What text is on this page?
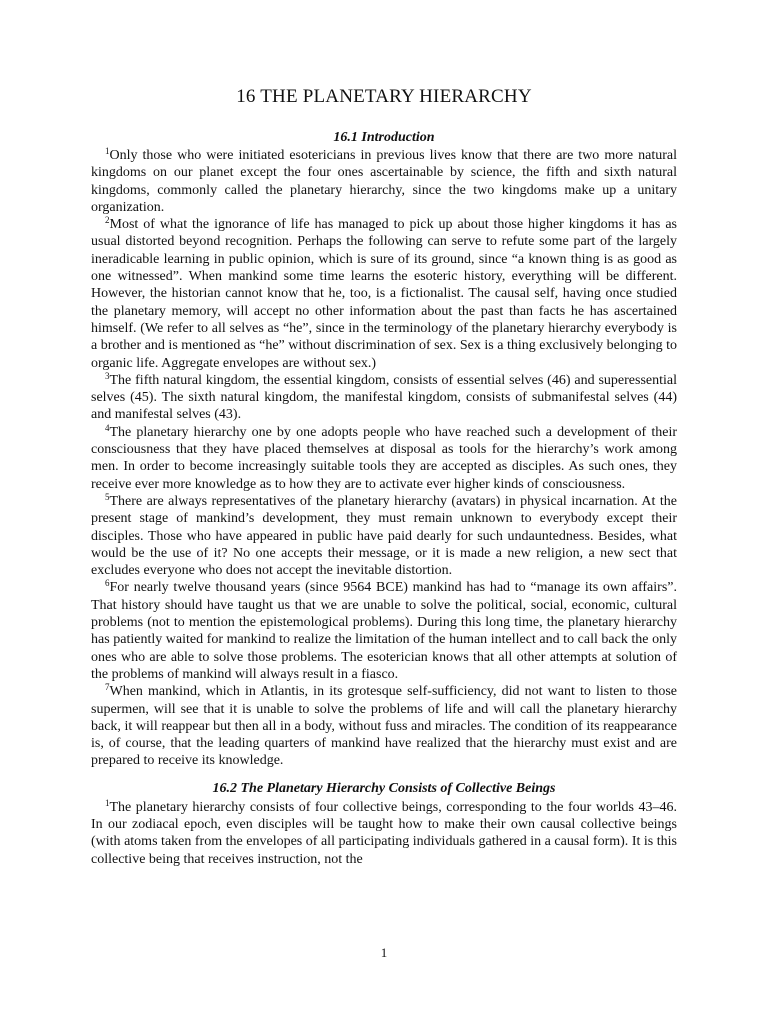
16 THE PLANETARY HIERARCHY
16.1 Introduction

$^1$Only those who were initiated esotericians in previous lives know that there are two more natural kingdoms on our planet except the four ones ascertainable by science, the fifth and sixth natural kingdoms, commonly called the planetary hierarchy, since the two kingdoms make up a unitary organization.

$^2$Most of what the ignorance of life has managed to pick up about those higher kingdoms it has as usual distorted beyond recognition. Perhaps the following can serve to refute some part of the largely ineradicable learning in public opinion, which is sure of its ground, since “a known thing is as good as one witnessed”. When mankind some time learns the esoteric history, everything will be different. However, the historian cannot know that he, too, is a fictionalist. The causal self, having once studied the planetary memory, will accept no other information about the past than facts he has ascertained himself. (We refer to all selves as “he”, since in the terminology of the planetary hierarchy everybody is a brother and is mentioned as “he” without discrimination of sex. Sex is a thing exclusively belonging to organic life. Aggregate envelopes are without sex.)

$^3$The fifth natural kingdom, the essential kingdom, consists of essential selves (46) and superessential selves (45). The sixth natural kingdom, the manifestal kingdom, consists of submanifestal selves (44) and manifestal selves (43).

$^4$The planetary hierarchy one by one adopts people who have reached such a development of their consciousness that they have placed themselves at disposal as tools for the hierarchy’s work among men. In order to become increasingly suitable tools they are accepted as disciples. As such ones, they receive ever more knowledge as to how they are to activate ever higher kinds of consciousness.

$^5$There are always representatives of the planetary hierarchy (avatars) in physical incarnation. At the present stage of mankind’s development, they must remain unknown to everybody except their disciples. Those who have appeared in public have paid dearly for such undauntedness. Besides, what would be the use of it? No one accepts their message, or it is made a new religion, a new sect that excludes everyone who does not accept the inevitable distortion.

$^6$For nearly twelve thousand years (since 9564 BCE) mankind has had to “manage its own affairs”. That history should have taught us that we are unable to solve the political, social, economic, cultural problems (not to mention the epistemological problems). During this long time, the planetary hierarchy has patiently waited for mankind to realize the limitation of the human intellect and to call back the only ones who are able to solve those problems. The esoterician knows that all other attempts at solution of the problems of mankind will always result in a fiasco.

$^7$When mankind, which in Atlantis, in its grotesque self-sufficiency, did not want to listen to those supermen, will see that it is unable to solve the problems of life and will call the planetary hierarchy back, it will reappear but then all in a body, without fuss and miracles. The condition of its reappearance is, of course, that the leading quarters of mankind have realized that the hierarchy must exist and are prepared to receive its knowledge.

16.2 The Planetary Hierarchy Consists of Collective Beings

$^1$The planetary hierarchy consists of four collective beings, corresponding to the four worlds 43–46. In our zodiacal epoch, even disciples will be taught how to make their own causal collective beings (with atoms taken from the envelopes of all participating individuals gathered in a causal form). It is this collective being that receives instruction, not the

1
